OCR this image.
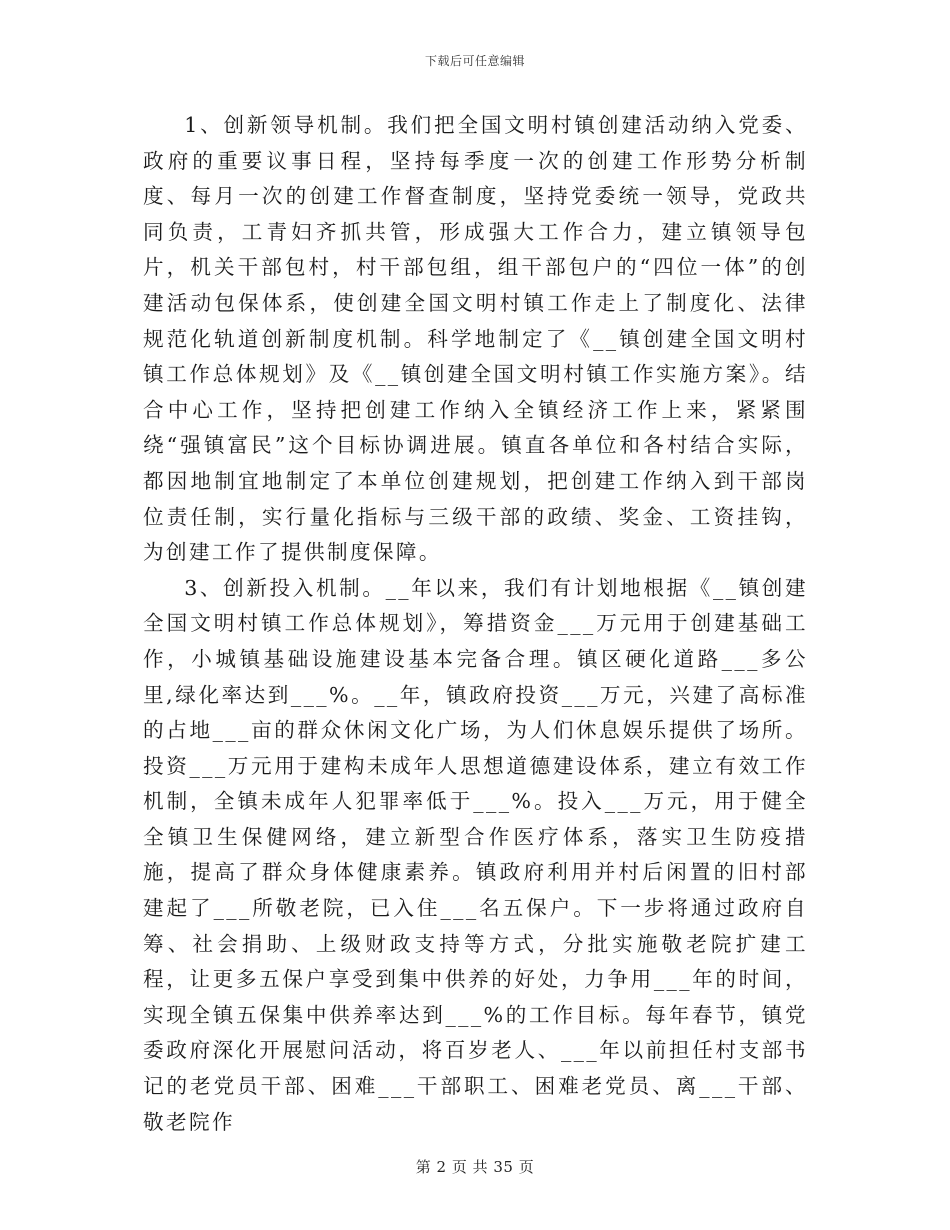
下载后可任意编辑

1、创新领导机制。我们把全国文明村镇创建活动纳入党委、政府的重要议事日程，坚持每季度一次的创建工作形势分析制度、每月一次的创建工作督查制度，坚持党委统一领导，党政共同负责，工青妇齐抓共管，形成强大工作合力，建立镇领导包片，机关干部包村，村干部包组，组干部包户的“四位一体”的创建活动包保体系，使创建全国文明村镇工作走上了制度化、法律规范化轨道创新制度机制。科学地制定了《__镇创建全国文明村镇工作总体规划》及《__镇创建全国文明村镇工作实施方案》。结合中心工作，坚持把创建工作纳入全镇经济工作上来，紧紧围绕“强镇富民”这个目标协调进展。镇直各单位和各村结合实际，都因地制宜地制定了本单位创建规划，把创建工作纳入到干部岗位责任制，实行量化指标与三级干部的政绩、奖金、工资挂钩，为创建工作了提供制度保障。

3、创新投入机制。__年以来，我们有计划地根据《__镇创建全国文明村镇工作总体规划》，筹措资金___万元用于创建基础工作，小城镇基础设施建设基本完备合理。镇区硬化道路___多公里,绿化率达到___%。__年，镇政府投资___万元，兴建了高标准的占地___亩的群众休闲文化广场，为人们休息娱乐提供了场所。投资___万元用于建构未成年人思想道德建设体系，建立有效工作机制，全镇未成年人犯罪率低于___%。投入___万元，用于健全全镇卫生保健网络，建立新型合作医疗体系，落实卫生防疫措施，提高了群众身体健康素养。镇政府利用并村后闲置的旧村部建起了___所敬老院，已入住___名五保户。下一步将通过政府自筹、社会捐助、上级财政支持等方式，分批实施敬老院扩建工程，让更多五保户享受到集中供养的好处，力争用___年的时间，实现全镇五保集中供养率达到___%的工作目标。每年春节，镇党委政府深化开展慰问活动，将百岁老人、___年以前担任村支部书记的老党员干部、困难___干部职工、困难老党员、离___干部、敬老院作

第 2 页 共 35 页
